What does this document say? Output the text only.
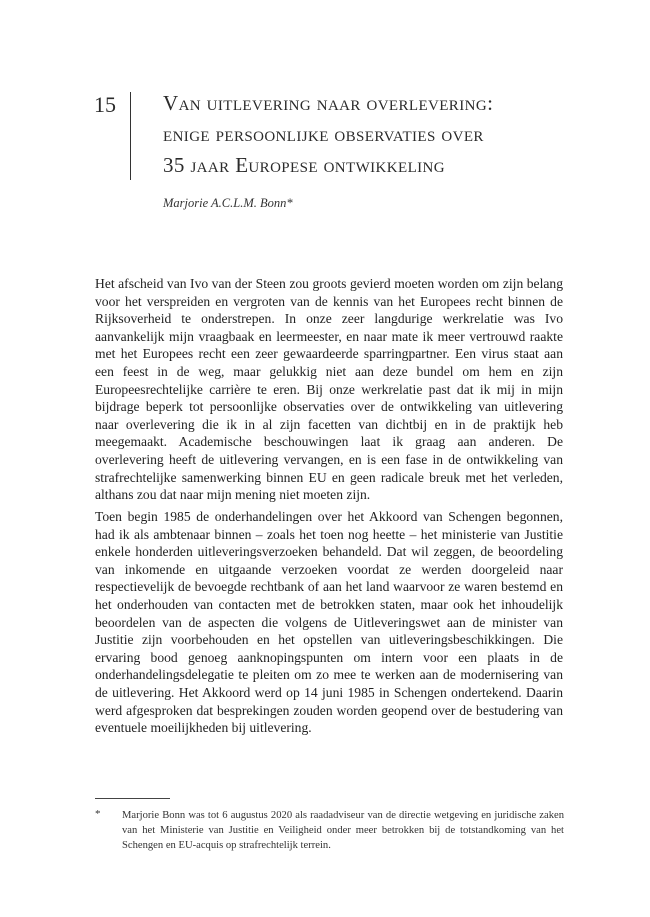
15 Van uitlevering naar overlevering:
enige persoonlijke observaties over
35 jaar Europese ontwikkeling
Marjorie A.C.L.M. Bonn*

Het afscheid van Ivo van der Steen zou groots gevierd moeten worden om zijn belang voor het verspreiden en vergroten van de kennis van het Europees recht binnen de Rijksoverheid te onderstrepen. In onze zeer langdurige werkrelatie was Ivo aanvankelijk mijn vraagbaak en leermeester, en naar mate ik meer vertrouwd raakte met het Europees recht een zeer gewaardeerde sparringpartner. Een virus staat aan een feest in de weg, maar gelukkig niet aan deze bundel om hem en zijn Europeesrechtelijke carrière te eren. Bij onze werkrelatie past dat ik mij in mijn bijdrage beperk tot persoonlijke observaties over de ontwikkeling van uitlevering naar overlevering die ik in al zijn facetten van dichtbij en in de praktijk heb meegemaakt. Academische beschouwingen laat ik graag aan anderen. De overlevering heeft de uitlevering vervangen, en is een fase in de ontwikkeling van strafrechtelijke samenwerking binnen EU en geen radicale breuk met het verleden, althans zou dat naar mijn mening niet moeten zijn.

Toen begin 1985 de onderhandelingen over het Akkoord van Schengen begonnen, had ik als ambtenaar binnen – zoals het toen nog heette – het ministerie van Justitie enkele honderden uitleveringsverzoeken behandeld. Dat wil zeggen, de beoordeling van inkomende en uitgaande verzoeken voordat ze werden doorgeleid naar respectievelijk de bevoegde rechtbank of aan het land waarvoor ze waren bestemd en het onderhouden van contacten met de betrokken staten, maar ook het inhoudelijk beoordelen van de aspecten die volgens de Uitleveringswet aan de minister van Justitie zijn voorbehouden en het opstellen van uitleveringsbeschikkingen. Die ervaring bood genoeg aanknopingspunten om intern voor een plaats in de onderhandelingsdelegatie te pleiten om zo mee te werken aan de modernisering van de uitlevering. Het Akkoord werd op 14 juni 1985 in Schengen ondertekend. Daarin werd afgesproken dat besprekingen zouden worden geopend over de bestudering van eventuele moeilijkheden bij uitlevering.

* Marjorie Bonn was tot 6 augustus 2020 als raadadviseur van de directie wetgeving en juridische zaken van het Ministerie van Justitie en Veiligheid onder meer betrokken bij de totstandkoming van het Schengen en EU-acquis op strafrechtelijk terrein.
